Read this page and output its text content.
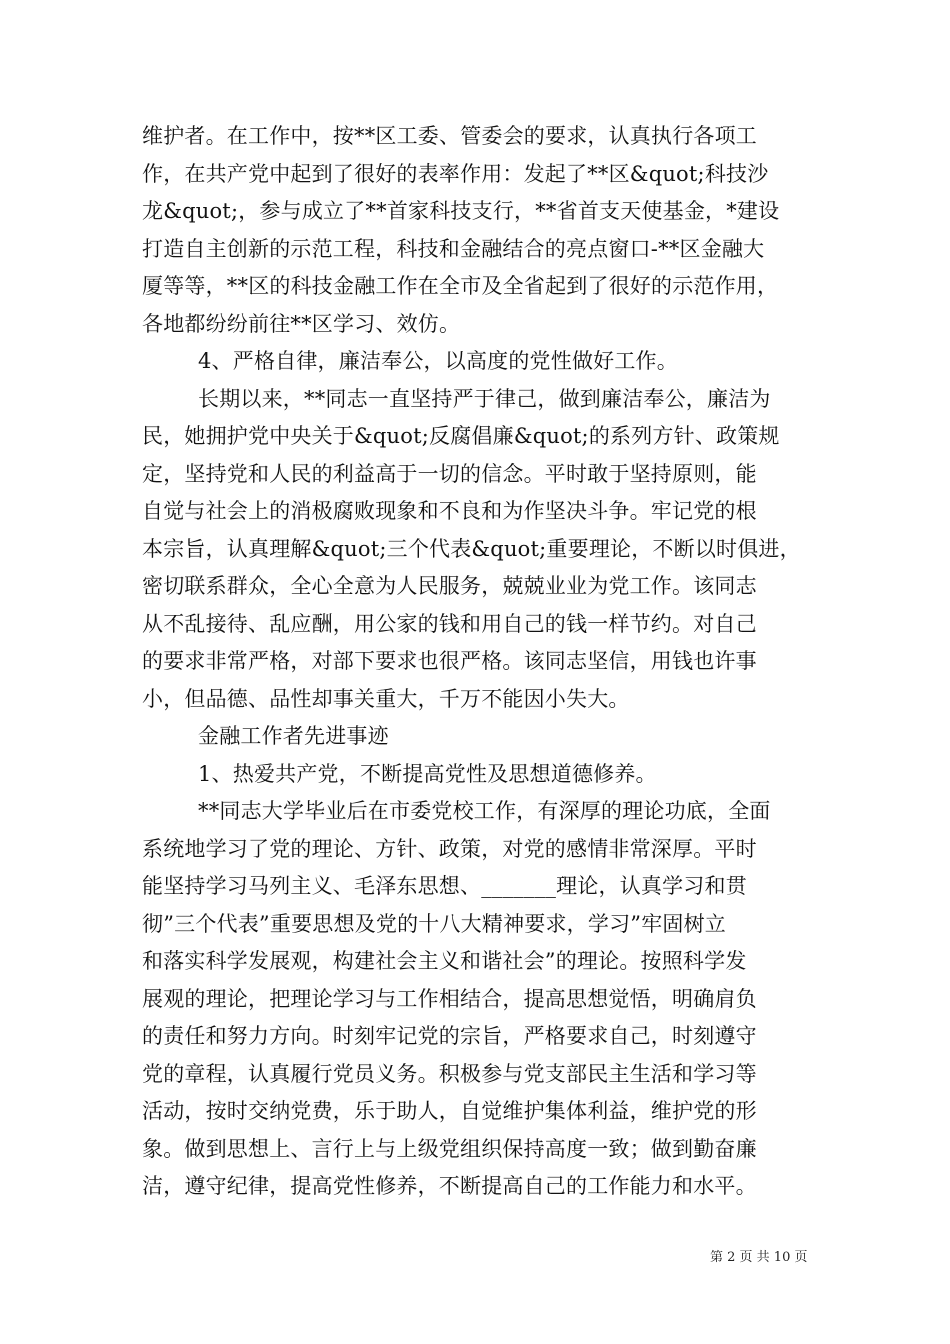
维护者。在工作中，按**区工委、管委会的要求，认真执行各项工
作，在共产党中起到了很好的表率作用：发起了**区&quot;科技沙
龙&quot;，参与成立了**首家科技支行，**省首支天使基金，*建设
打造自主创新的示范工程，科技和金融结合的亮点窗口-**区金融大
厦等等，**区的科技金融工作在全市及全省起到了很好的示范作用，
各地都纷纷前往**区学习、效仿。
4、严格自律，廉洁奉公，以高度的党性做好工作。
长期以来，**同志一直坚持严于律己，做到廉洁奉公，廉洁为
民，她拥护党中央关于&quot;反腐倡廉&quot;的系列方针、政策规
定，坚持党和人民的利益高于一切的信念。平时敢于坚持原则，能
自觉与社会上的消极腐败现象和不良和为作坚决斗争。牢记党的根
本宗旨，认真理解&quot;三个代表&quot;重要理论，不断以时俱进，
密切联系群众，全心全意为人民服务，兢兢业业为党工作。该同志
从不乱接待、乱应酬，用公家的钱和用自己的钱一样节约。对自己
的要求非常严格，对部下要求也很严格。该同志坚信，用钱也许事
小，但品德、品性却事关重大，千万不能因小失大。
金融工作者先进事迹
1、热爱共产党，不断提高党性及思想道德修养。
**同志大学毕业后在市委党校工作，有深厚的理论功底，全面
系统地学习了党的理论、方针、政策，对党的感情非常深厚。平时
能坚持学习马列主义、毛泽东思想、_______理论，认真学习和贯
彻”三个代表”重要思想及党的十八大精神要求，学习”牢固树立
和落实科学发展观，构建社会主义和谐社会”的理论。按照科学发
展观的理论，把理论学习与工作相结合，提高思想觉悟，明确肩负
的责任和努力方向。时刻牢记党的宗旨，严格要求自己，时刻遵守
党的章程，认真履行党员义务。积极参与党支部民主生活和学习等
活动，按时交纳党费，乐于助人，自觉维护集体利益，维护党的形
象。做到思想上、言行上与上级党组织保持高度一致；做到勤奋廉
洁，遵守纪律，提高党性修养，不断提高自己的工作能力和水平。
第 2 页 共 10 页
